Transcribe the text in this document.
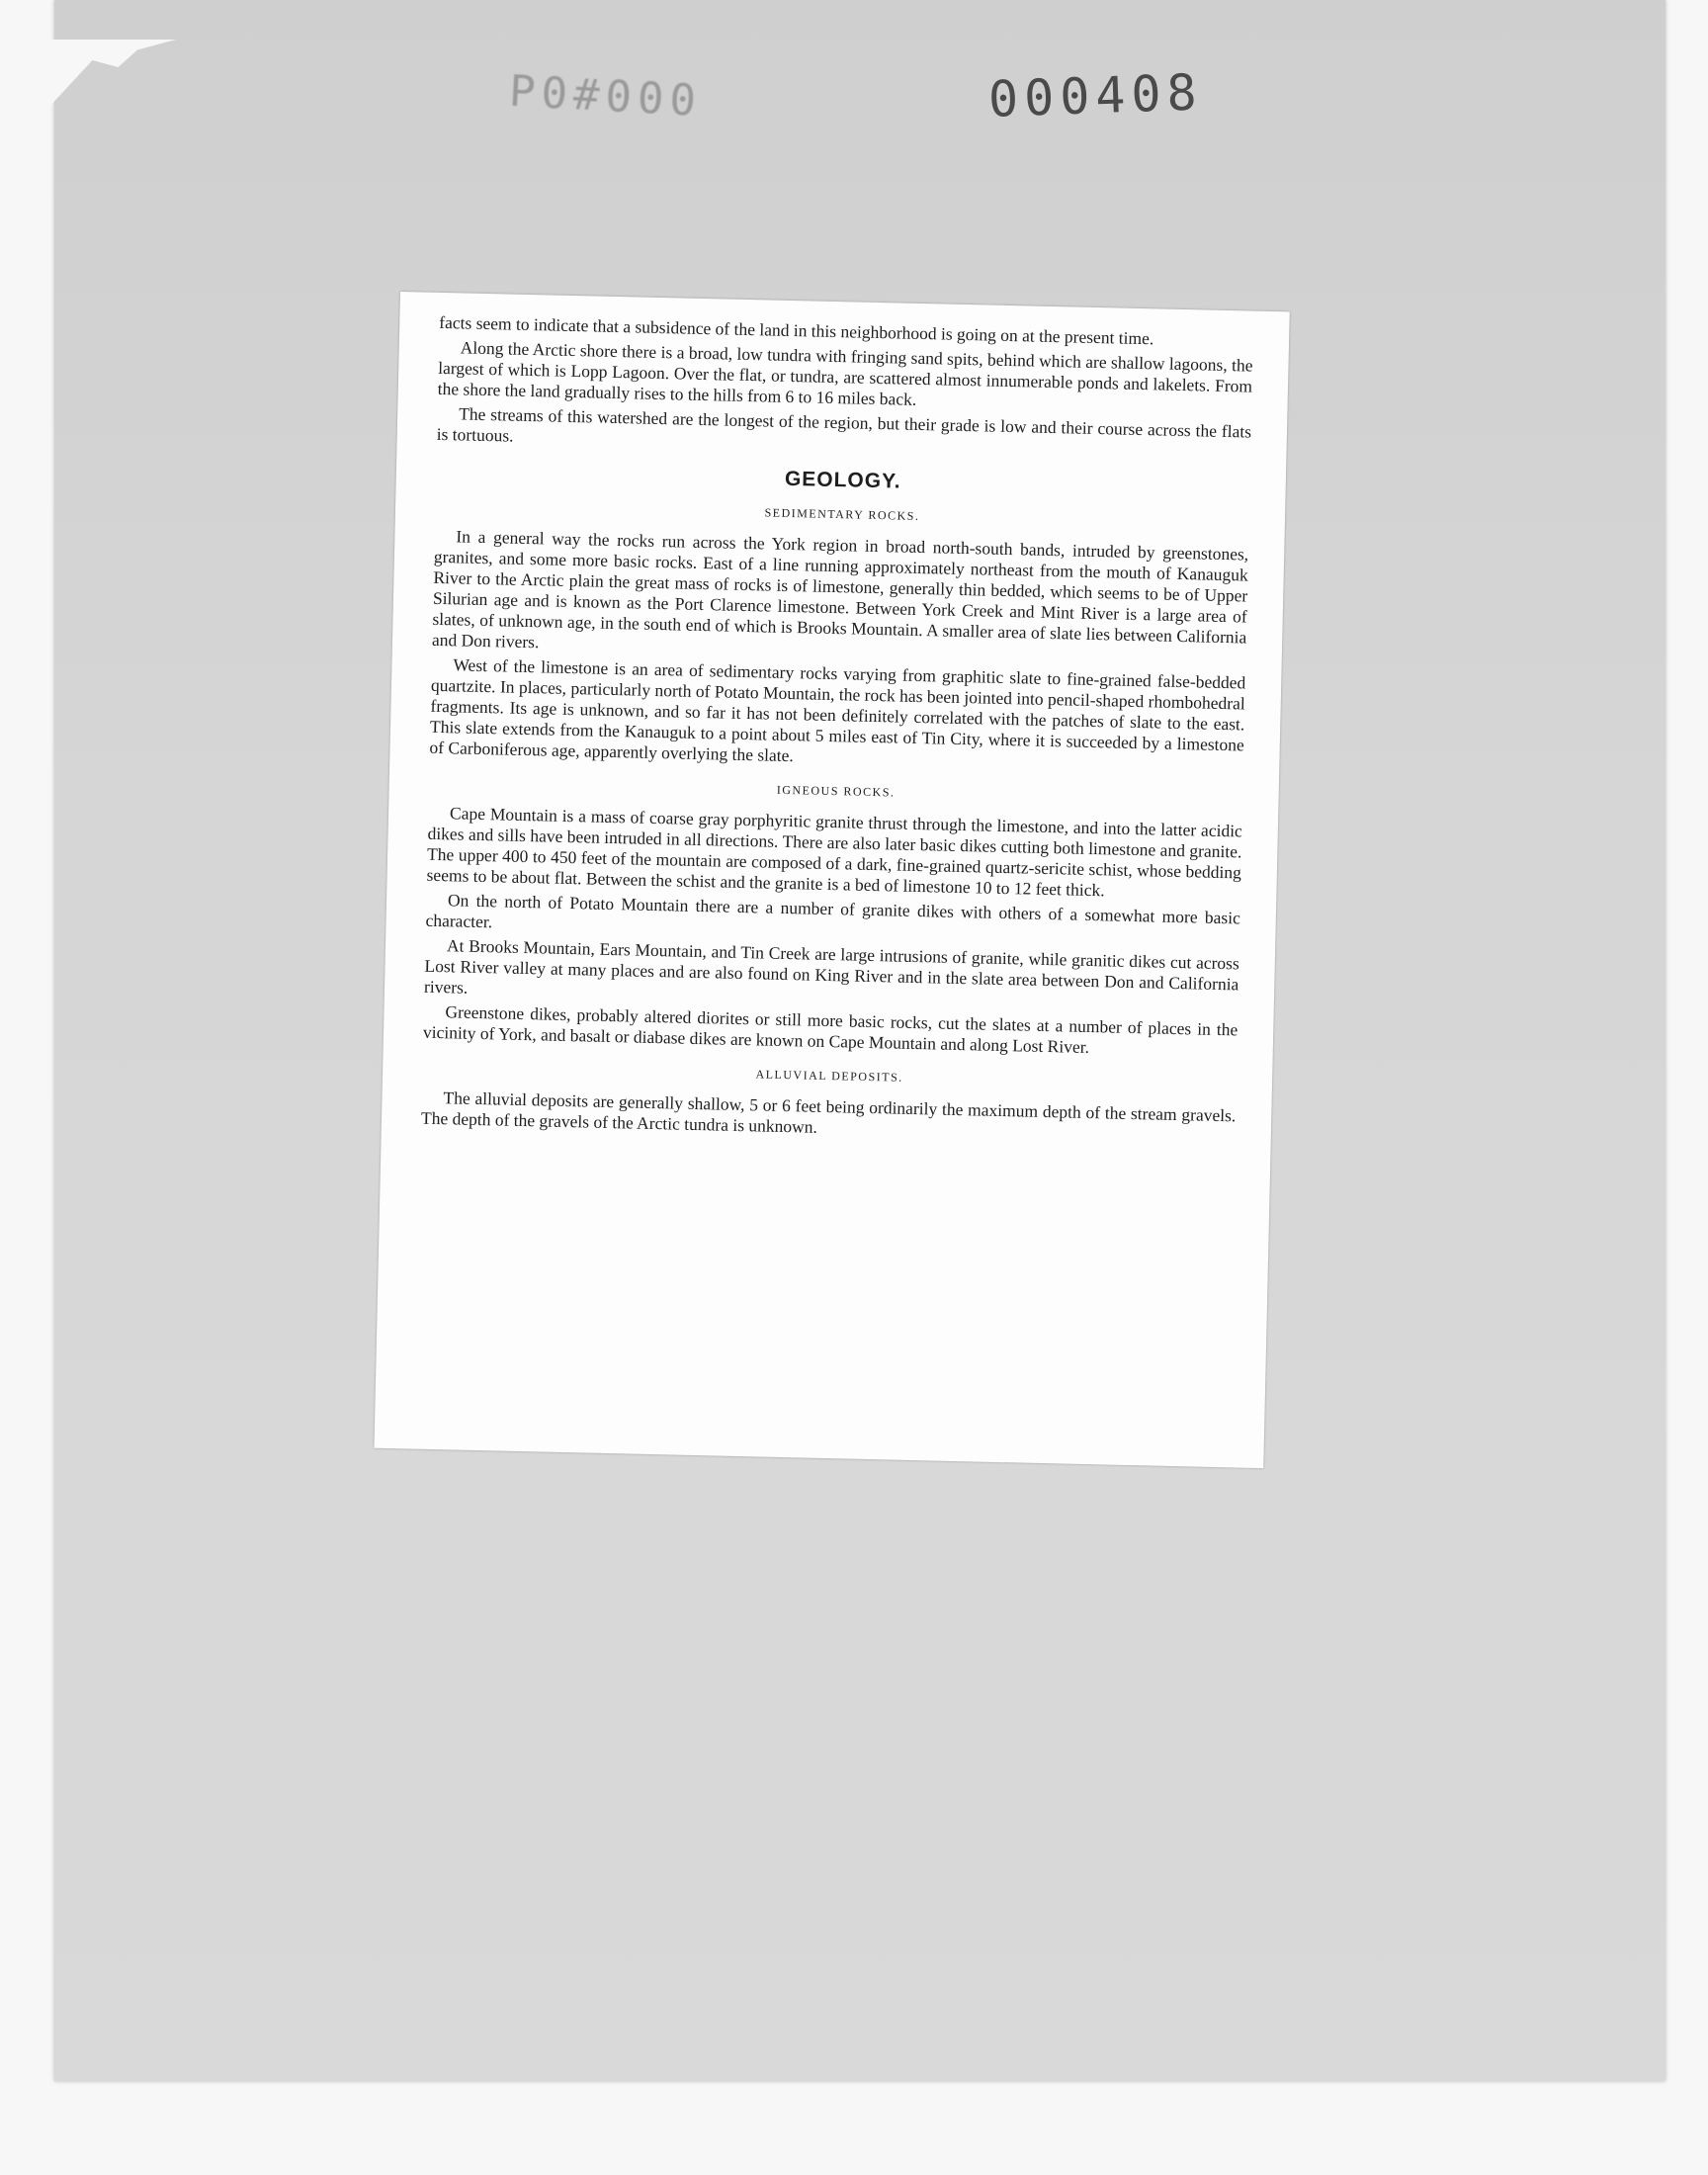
P0#000	000408

facts seem to indicate that a subsidence of the land in this neighborhood is going on at the present time.

Along the Arctic shore there is a broad, low tundra with fringing sand spits, behind which are shallow lagoons, the largest of which is Lopp Lagoon. Over the flat, or tundra, are scattered almost innumerable ponds and lakelets. From the shore the land gradually rises to the hills from 6 to 16 miles back.

The streams of this watershed are the longest of the region, but their grade is low and their course across the flats is tortuous.

GEOLOGY.
SEDIMENTARY ROCKS.

In a general way the rocks run across the York region in broad north-south bands, intruded by greenstones, granites, and some more basic rocks. East of a line running approximately northeast from the mouth of Kanauguk River to the Arctic plain the great mass of rocks is of limestone, generally thin bedded, which seems to be of Upper Silurian age and is known as the Port Clarence limestone. Between York Creek and Mint River is a large area of slates, of unknown age, in the south end of which is Brooks Mountain. A smaller area of slate lies between California and Don rivers.

West of the limestone is an area of sedimentary rocks varying from graphitic slate to fine-grained false-bedded quartzite. In places, particularly north of Potato Mountain, the rock has been jointed into pencil-shaped rhombohedral fragments. Its age is unknown, and so far it has not been definitely correlated with the patches of slate to the east. This slate extends from the Kanauguk to a point about 5 miles east of Tin City, where it is succeeded by a limestone of Carboniferous age, apparently overlying the slate.

IGNEOUS ROCKS.

Cape Mountain is a mass of coarse gray porphyritic granite thrust through the limestone, and into the latter acidic dikes and sills have been intruded in all directions. There are also later basic dikes cutting both limestone and granite. The upper 400 to 450 feet of the mountain are composed of a dark, fine-grained quartz-sericite schist, whose bedding seems to be about flat. Between the schist and the granite is a bed of limestone 10 to 12 feet thick.

On the north of Potato Mountain there are a number of granite dikes with others of a somewhat more basic character.

At Brooks Mountain, Ears Mountain, and Tin Creek are large intrusions of granite, while granitic dikes cut across Lost River valley at many places and are also found on King River and in the slate area between Don and California rivers.

Greenstone dikes, probably altered diorites or still more basic rocks, cut the slates at a number of places in the vicinity of York, and basalt or diabase dikes are known on Cape Mountain and along Lost River.

ALLUVIAL DEPOSITS.

The alluvial deposits are generally shallow, 5 or 6 feet being ordinarily the maximum depth of the stream gravels. The depth of the gravels of the Arctic tundra is unknown.
